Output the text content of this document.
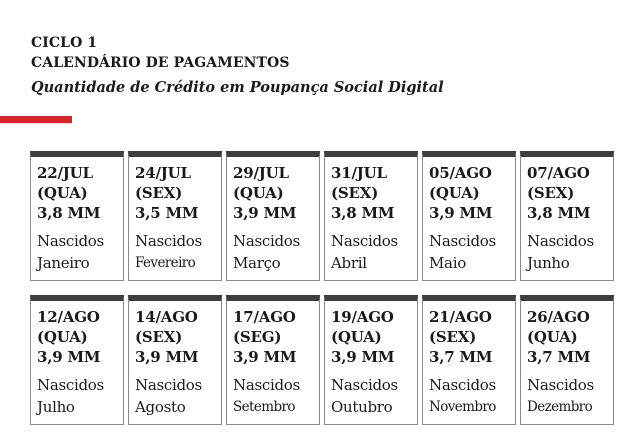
CICLO 1
CALENDÁRIO DE PAGAMENTOS
Quantidade de Crédito em Poupança Social Digital
22/JUL
(QUA)
3,8 MM
Nascidos
Janeiro
24/JUL
(SEX)
3,5 MM
Nascidos
Fevereiro
29/JUL
(QUA)
3,9 MM
Nascidos
Março
31/JUL
(SEX)
3,8 MM
Nascidos
Abril
05/AGO
(QUA)
3,9 MM
Nascidos
Maio
07/AGO
(SEX)
3,8 MM
Nascidos
Junho
12/AGO
(QUA)
3,9 MM
Nascidos
Julho
14/AGO
(SEX)
3,9 MM
Nascidos
Agosto
17/AGO
(SEG)
3,9 MM
Nascidos
Setembro
19/AGO
(QUA)
3,9 MM
Nascidos
Outubro
21/AGO
(SEX)
3,7 MM
Nascidos
Novembro
26/AGO
(QUA)
3,7 MM
Nascidos
Dezembro
